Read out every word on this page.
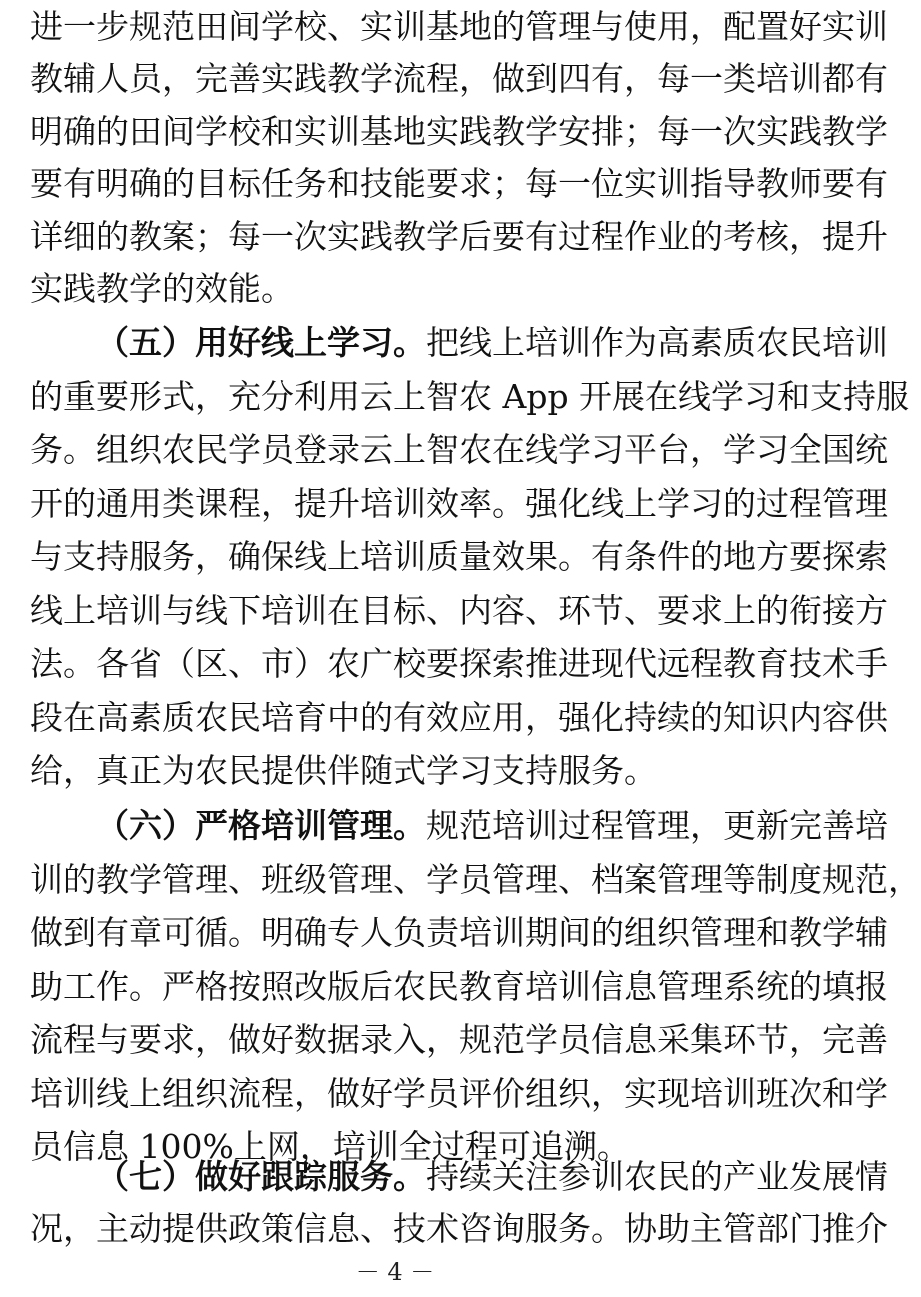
进一步规范田间学校、实训基地的管理与使用，配置好实训
教辅人员，完善实践教学流程，做到四有，每一类培训都有
明确的田间学校和实训基地实践教学安排；每一次实践教学
要有明确的目标任务和技能要求；每一位实训指导教师要有
详细的教案；每一次实践教学后要有过程作业的考核，提升
实践教学的效能。
（五）用好线上学习。把线上培训作为高素质农民培训
的重要形式，充分利用云上智农 App 开展在线学习和支持服
务。组织农民学员登录云上智农在线学习平台，学习全国统
开的通用类课程，提升培训效率。强化线上学习的过程管理
与支持服务，确保线上培训质量效果。有条件的地方要探索
线上培训与线下培训在目标、内容、环节、要求上的衔接方
法。各省（区、市）农广校要探索推进现代远程教育技术手
段在高素质农民培育中的有效应用，强化持续的知识内容供
给，真正为农民提供伴随式学习支持服务。
（六）严格培训管理。规范培训过程管理，更新完善培
训的教学管理、班级管理、学员管理、档案管理等制度规范，
做到有章可循。明确专人负责培训期间的组织管理和教学辅
助工作。严格按照改版后农民教育培训信息管理系统的填报
流程与要求，做好数据录入，规范学员信息采集环节，完善
培训线上组织流程，做好学员评价组织，实现培训班次和学
员信息 100%上网，培训全过程可追溯。
（七）做好跟踪服务。持续关注参训农民的产业发展情
况，主动提供政策信息、技术咨询服务。协助主管部门推介
－ 4 －
